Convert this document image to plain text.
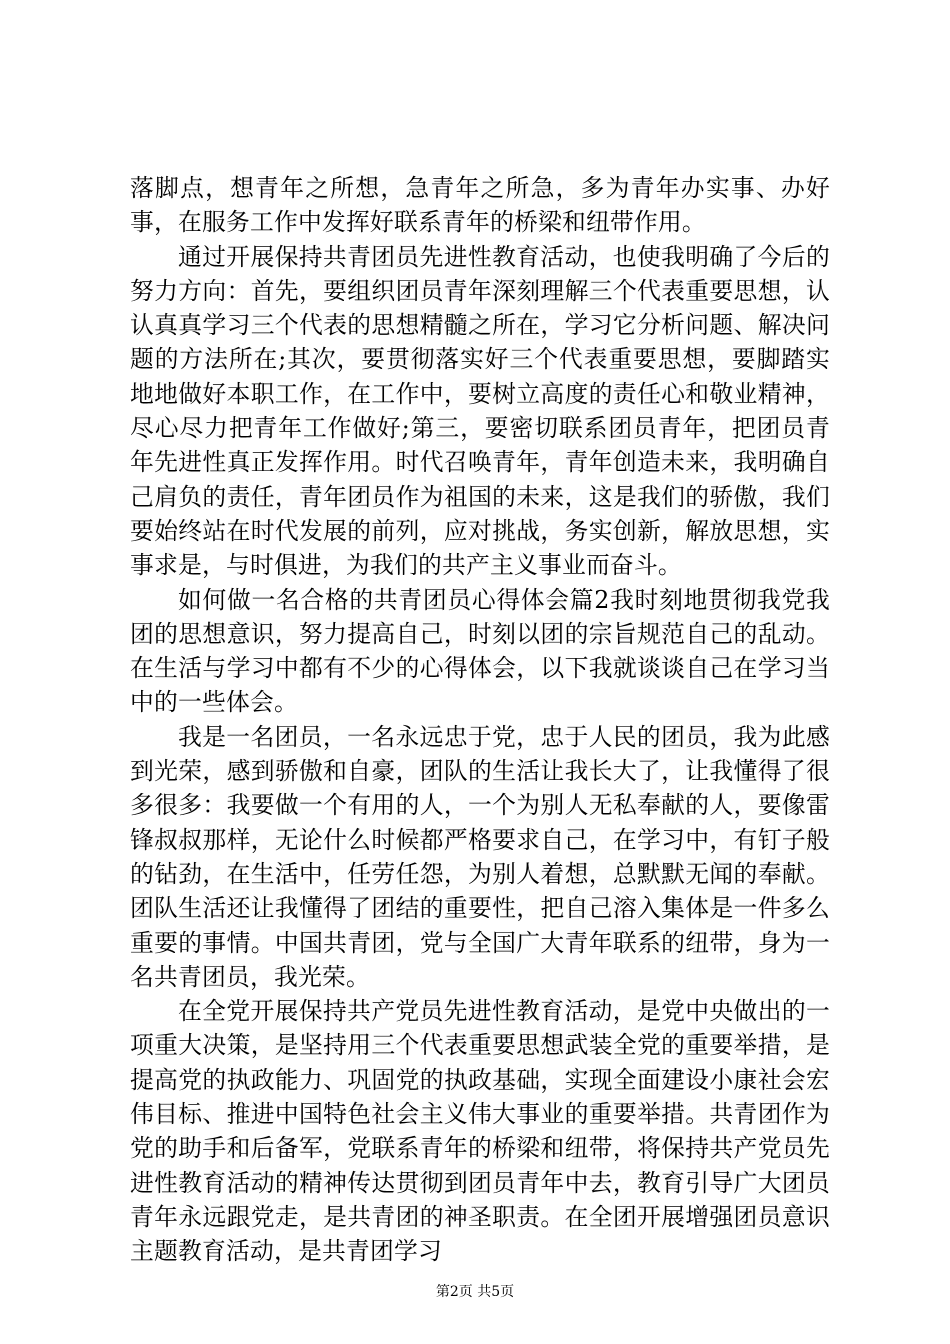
落脚点，想青年之所想，急青年之所急，多为青年办实事、办好事，在服务工作中发挥好联系青年的桥梁和纽带作用。

通过开展保持共青团员先进性教育活动，也使我明确了今后的努力方向：首先，要组织团员青年深刻理解三个代表重要思想，认认真真学习三个代表的思想精髓之所在，学习它分析问题、解决问题的方法所在;其次，要贯彻落实好三个代表重要思想，要脚踏实地地做好本职工作，在工作中，要树立高度的责任心和敬业精神，尽心尽力把青年工作做好;第三，要密切联系团员青年，把团员青年先进性真正发挥作用。时代召唤青年，青年创造未来，我明确自己肩负的责任，青年团员作为祖国的未来，这是我们的骄傲，我们要始终站在时代发展的前列，应对挑战，务实创新，解放思想，实事求是，与时俱进，为我们的共产主义事业而奋斗。

如何做一名合格的共青团员心得体会篇2我时刻地贯彻我党我团的思想意识，努力提高自己，时刻以团的宗旨规范自己的乱动。在生活与学习中都有不少的心得体会，以下我就谈谈自己在学习当中的一些体会。

我是一名团员，一名永远忠于党，忠于人民的团员，我为此感到光荣，感到骄傲和自豪，团队的生活让我长大了，让我懂得了很多很多：我要做一个有用的人，一个为别人无私奉献的人，要像雷锋叔叔那样，无论什么时候都严格要求自己，在学习中，有钉子般的钻劲，在生活中，任劳任怨，为别人着想，总默默无闻的奉献。团队生活还让我懂得了团结的重要性，把自己溶入集体是一件多么重要的事情。中国共青团，党与全国广大青年联系的纽带，身为一名共青团员，我光荣。

在全党开展保持共产党员先进性教育活动，是党中央做出的一项重大决策，是坚持用三个代表重要思想武装全党的重要举措，是提高党的执政能力、巩固党的执政基础，实现全面建设小康社会宏伟目标、推进中国特色社会主义伟大事业的重要举措。共青团作为党的助手和后备军，党联系青年的桥梁和纽带，将保持共产党员先进性教育活动的精神传达贯彻到团员青年中去，教育引导广大团员青年永远跟党走，是共青团的神圣职责。在全团开展增强团员意识主题教育活动，是共青团学习

第2页 共5页
